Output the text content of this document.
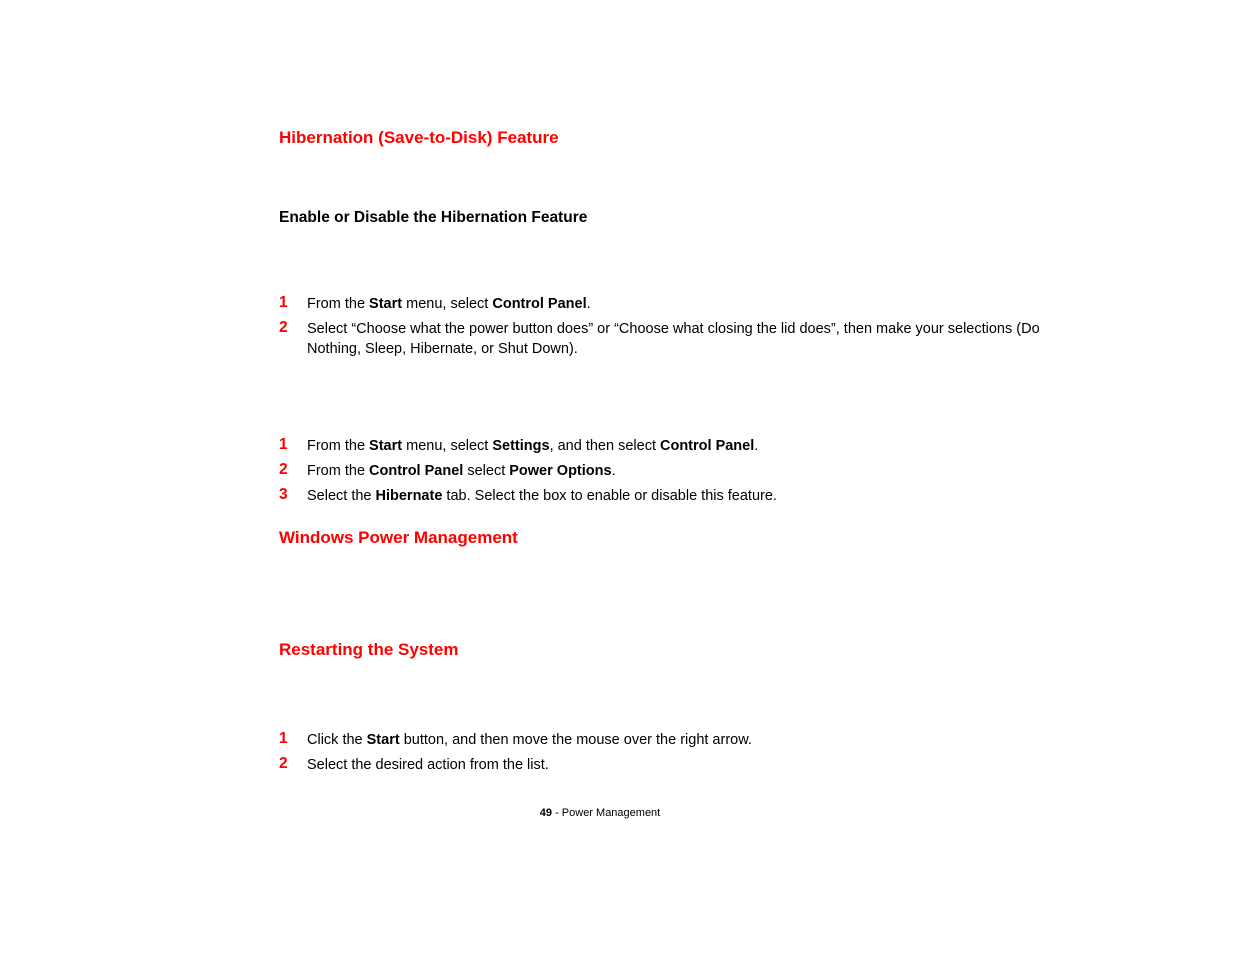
Hibernation (Save-to-Disk) Feature
Enable or Disable the Hibernation Feature
1 From the Start menu, select Control Panel.
2 Select “Choose what the power button does” or “Choose what closing the lid does”, then make your selections (Do Nothing, Sleep, Hibernate, or Shut Down).
1 From the Start menu, select Settings, and then select Control Panel.
2 From the Control Panel select Power Options.
3 Select the Hibernate tab. Select the box to enable or disable this feature.
Windows Power Management
Restarting the System
1 Click the Start button, and then move the mouse over the right arrow.
2 Select the desired action from the list.
49 - Power Management
